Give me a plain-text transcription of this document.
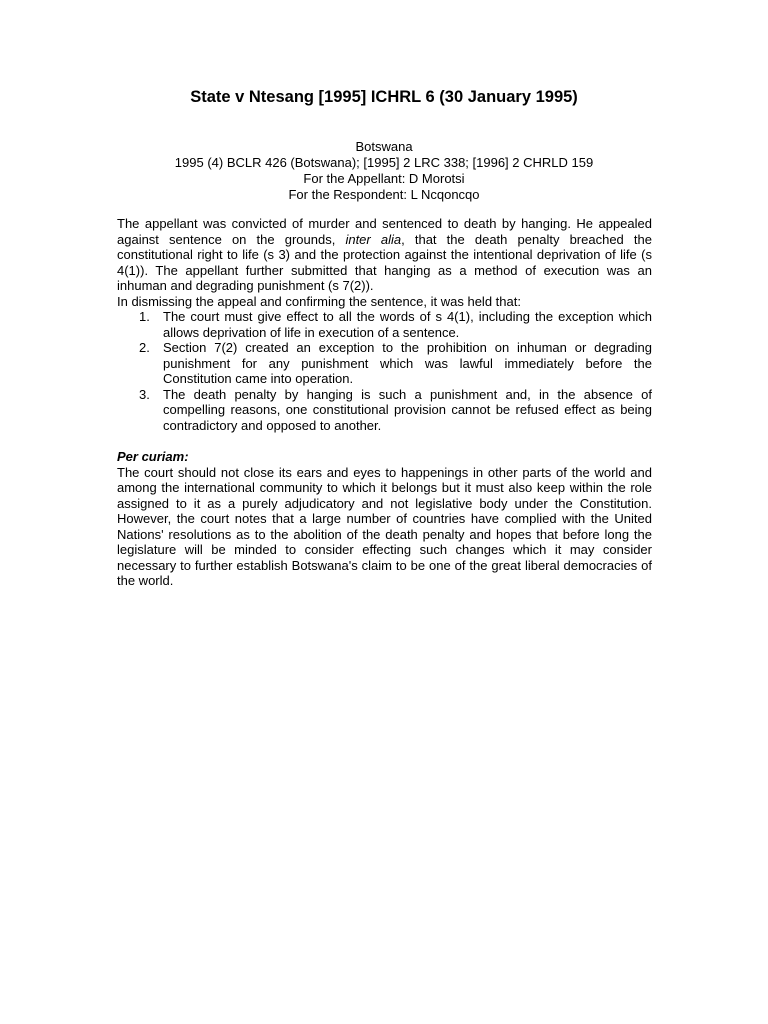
State v Ntesang [1995] ICHRL 6 (30 January 1995)
Botswana
1995 (4) BCLR 426 (Botswana); [1995] 2 LRC 338; [1996] 2 CHRLD 159
For the Appellant: D Morotsi
For the Respondent: L Ncqoncqo

The appellant was convicted of murder and sentenced to death by hanging. He appealed against sentence on the grounds, inter alia, that the death penalty breached the constitutional right to life (s 3) and the protection against the intentional deprivation of life (s 4(1)). The appellant further submitted that hanging as a method of execution was an inhuman and degrading punishment (s 7(2)).

In dismissing the appeal and confirming the sentence, it was held that:

1. The court must give effect to all the words of s 4(1), including the exception which allows deprivation of life in execution of a sentence.
2. Section 7(2) created an exception to the prohibition on inhuman or degrading punishment for any punishment which was lawful immediately before the Constitution came into operation.
3. The death penalty by hanging is such a punishment and, in the absence of compelling reasons, one constitutional provision cannot be refused effect as being contradictory and opposed to another.

Per curiam:

The court should not close its ears and eyes to happenings in other parts of the world and among the international community to which it belongs but it must also keep within the role assigned to it as a purely adjudicatory and not legislative body under the Constitution. However, the court notes that a large number of countries have complied with the United Nations' resolutions as to the abolition of the death penalty and hopes that before long the legislature will be minded to consider effecting such changes which it may consider necessary to further establish Botswana's claim to be one of the great liberal democracies of the world.
